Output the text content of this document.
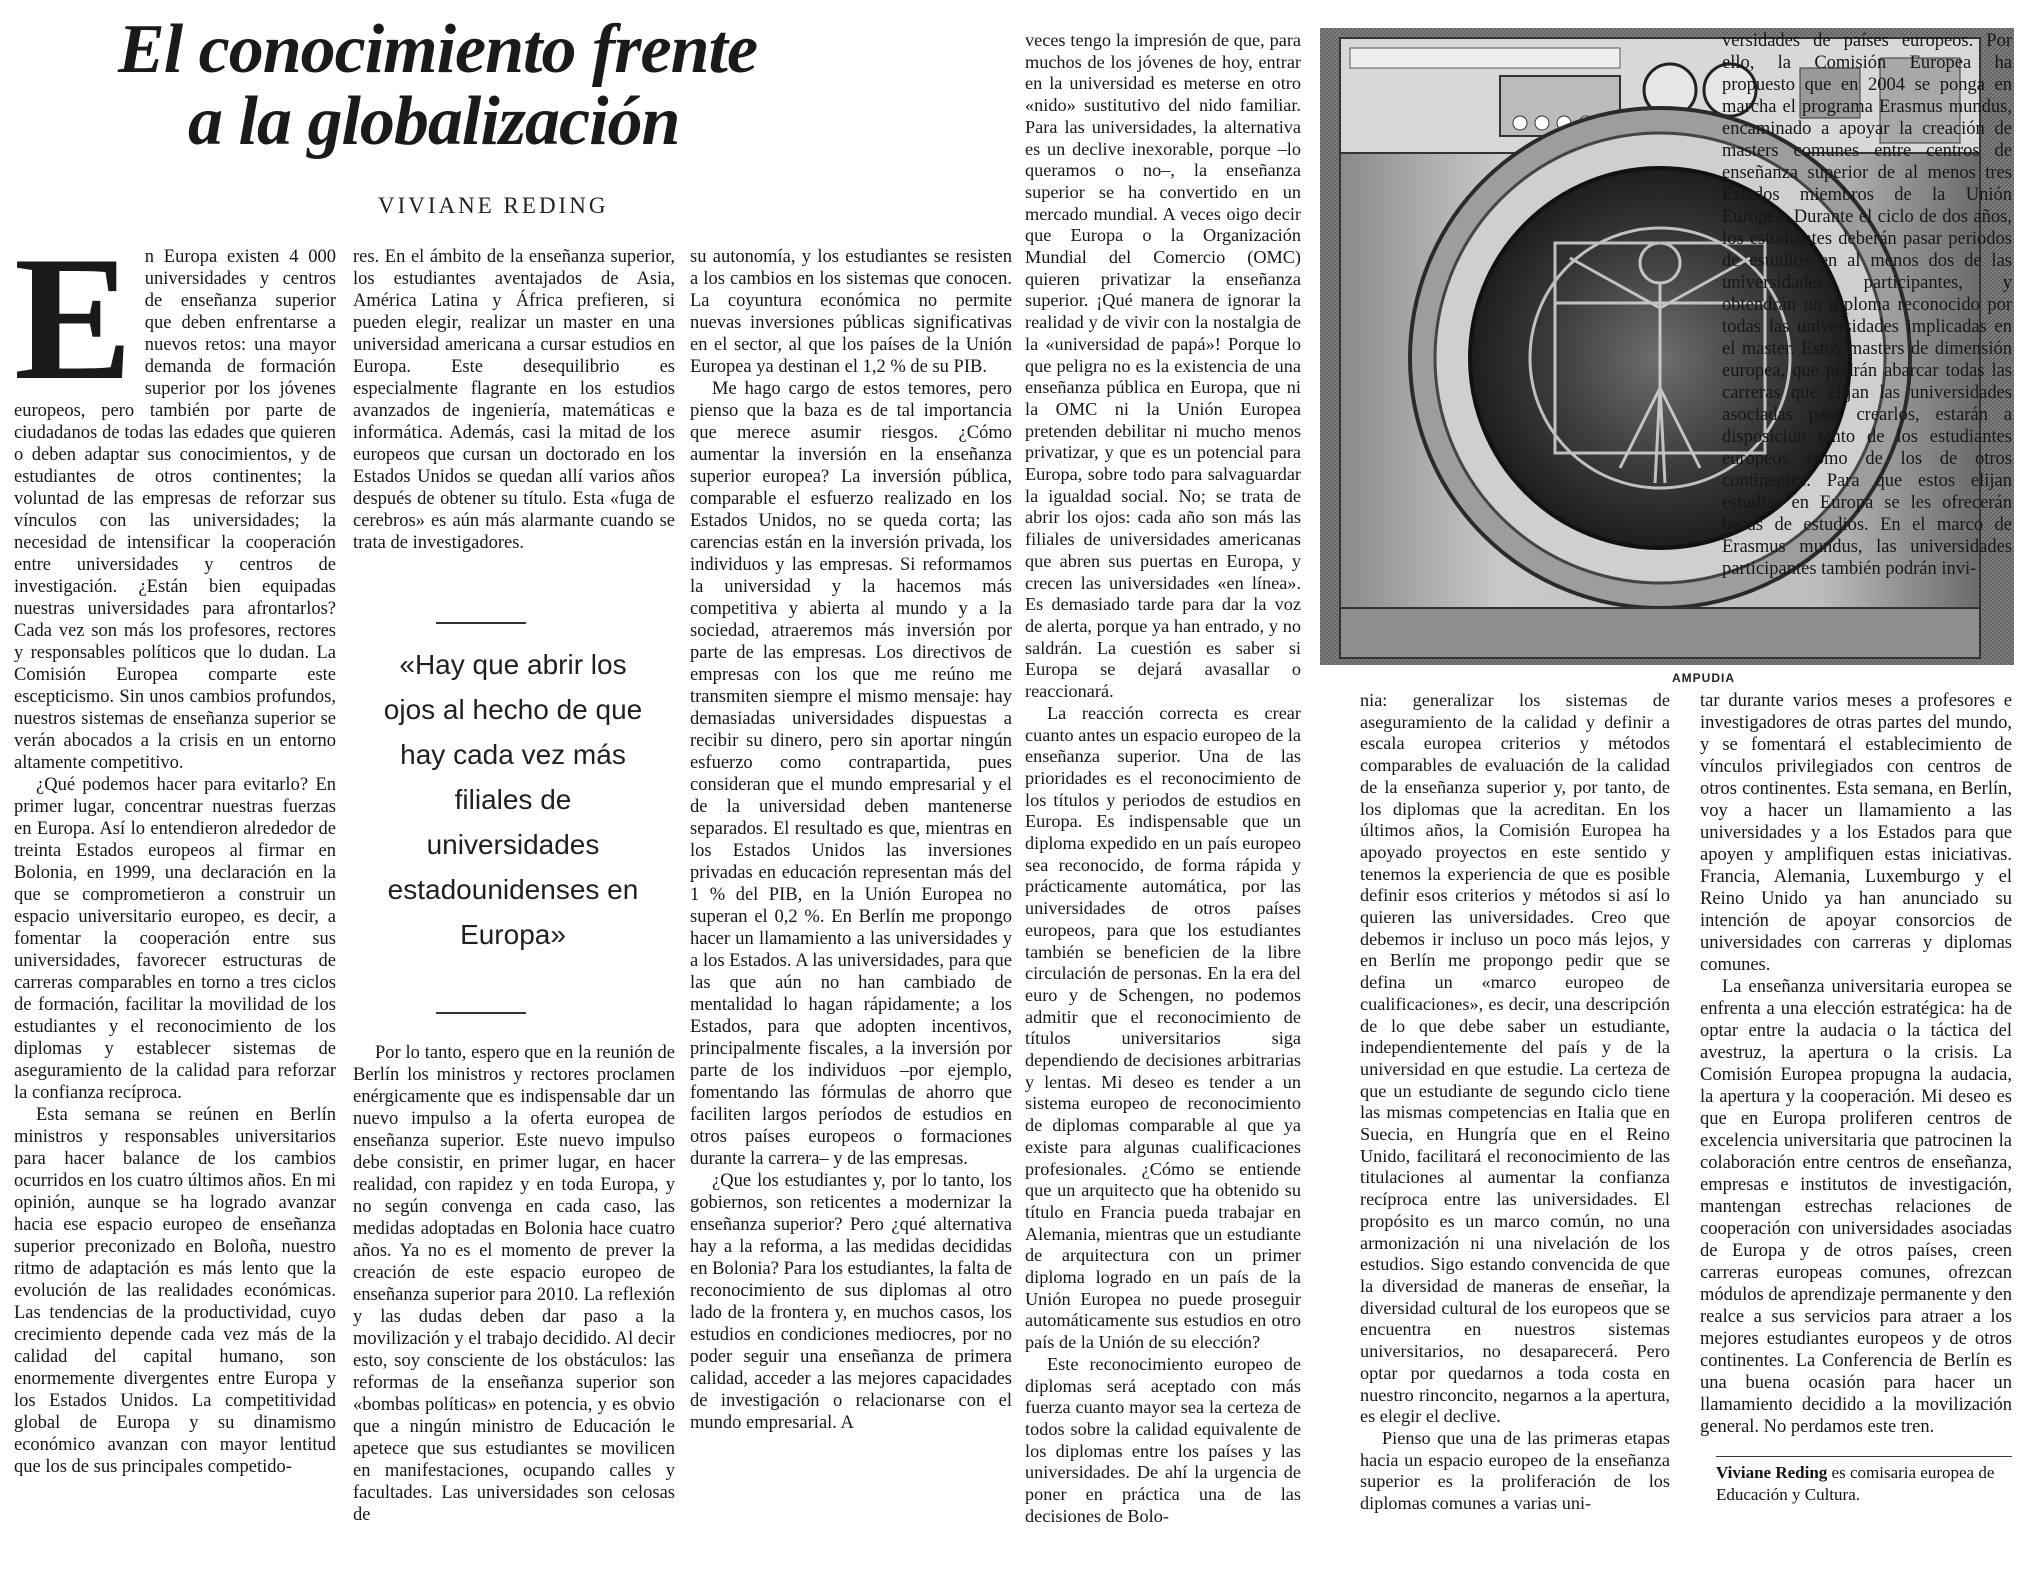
El conocimiento frente
a la globalización
VIVIANE REDING
E n Europa existen 4 000 universidades y centros de enseñanza superior que deben enfrentarse a nuevos retos: una mayor demanda de formación superior por los jóvenes europeos, pero también por parte de ciudadanos de todas las edades que quieren o deben adaptar sus conocimientos, y de estudiantes de otros continentes; la voluntad de las empresas de reforzar sus vínculos con las universidades; la necesidad de intensificar la cooperación entre universidades y centros de investigación. ¿Están bien equipadas nuestras universidades para afrontarlos? Cada vez son más los profesores, rectores y responsables políticos que lo dudan. La Comisión Europea comparte este escepticismo. Sin unos cambios profundos, nuestros sistemas de enseñanza superior se verán abocados a la crisis en un entorno altamente competitivo.

¿Qué podemos hacer para evitarlo? En primer lugar, concentrar nuestras fuerzas en Europa. Así lo entendieron alrededor de treinta Estados europeos al firmar en Bolonia, en 1999, una declaración en la que se comprometieron a construir un espacio universitario europeo, es decir, a fomentar la cooperación entre sus universidades, favorecer estructuras de carreras comparables en torno a tres ciclos de formación, facilitar la movilidad de los estudiantes y el reconocimiento de los diplomas y establecer sistemas de aseguramiento de la calidad para reforzar la confianza recíproca.

Esta semana se reúnen en Berlín ministros y responsables universitarios para hacer balance de los cambios ocurridos en los cuatro últimos años. En mi opinión, aunque se ha logrado avanzar hacia ese espacio europeo de enseñanza superior preconizado en Boloña, nuestro ritmo de adaptación es más lento que la evolución de las realidades económicas. Las tendencias de la productividad, cuyo crecimiento depende cada vez más de la calidad del capital humano, son enormemente divergentes entre Europa y los Estados Unidos. La competitividad global de Europa y su dinamismo económico avanzan con mayor lentitud que los de sus principales competido-

res. En el ámbito de la enseñanza superior, los estudiantes aventajados de Asia, América Latina y África prefieren, si pueden elegir, realizar un master en una universidad americana a cursar estudios en Europa. Este desequilibrio es especialmente flagrante en los estudios avanzados de ingeniería, matemáticas e informática. Además, casi la mitad de los europeos que cursan un doctorado en los Estados Unidos se quedan allí varios años después de obtener su título. Esta «fuga de cerebros» es aún más alarmante cuando se trata de investigadores.

«Hay que abrir los ojos al hecho de que hay cada vez más filiales de universidades estadounidenses en Europa»

Por lo tanto, espero que en la reunión de Berlín los ministros y rectores proclamen enérgicamente que es indispensable dar un nuevo impulso a la oferta europea de enseñanza superior. Este nuevo impulso debe consistir, en primer lugar, en hacer realidad, con rapidez y en toda Europa, y no según convenga en cada caso, las medidas adoptadas en Bolonia hace cuatro años. Ya no es el momento de prever la creación de este espacio europeo de enseñanza superior para 2010. La reflexión y las dudas deben dar paso a la movilización y el trabajo decidido. Al decir esto, soy consciente de los obstáculos: las reformas de la enseñanza superior son «bombas políticas» en potencia, y es obvio que a ningún ministro de Educación le apetece que sus estudiantes se movilicen en manifestaciones, ocupando calles y facultades. Las universidades son celosas de

su autonomía, y los estudiantes se resisten a los cambios en los sistemas que conocen. La coyuntura económica no permite nuevas inversiones públicas significativas en el sector, al que los países de la Unión Europea ya destinan el 1,2 % de su PIB.

Me hago cargo de estos temores, pero pienso que la baza es de tal importancia que merece asumir riesgos. ¿Cómo aumentar la inversión en la enseñanza superior europea? La inversión pública, comparable el esfuerzo realizado en los Estados Unidos, no se queda corta; las carencias están en la inversión privada, los individuos y las empresas. Si reformamos la universidad y la hacemos más competitiva y abierta al mundo y a la sociedad, atraeremos más inversión por parte de las empresas. Los directivos de empresas con los que me reúno me transmiten siempre el mismo mensaje: hay demasiadas universidades dispuestas a recibir su dinero, pero sin aportar ningún esfuerzo como contrapartida, pues consideran que el mundo empresarial y el de la universidad deben mantenerse separados. El resultado es que, mientras en los Estados Unidos las inversiones privadas en educación representan más del 1 % del PIB, en la Unión Europea no superan el 0,2 %. En Berlín me propongo hacer un llamamiento a las universidades y a los Estados. A las universidades, para que las que aún no han cambiado de mentalidad lo hagan rápidamente; a los Estados, para que adopten incentivos, principalmente fiscales, a la inversión por parte de los individuos –por ejemplo, fomentando las fórmulas de ahorro que faciliten largos períodos de estudios en otros países europeos o formaciones durante la carrera– y de las empresas.

¿Que los estudiantes y, por lo tanto, los gobiernos, son reticentes a modernizar la enseñanza superior? Pero ¿qué alternativa hay a la reforma, a las medidas decididas en Bolonia? Para los estudiantes, la falta de reconocimiento de sus diplomas al otro lado de la frontera y, en muchos casos, los estudios en condiciones mediocres, por no poder seguir una enseñanza de primera calidad, acceder a las mejores capacidades de investigación o relacionarse con el mundo empresarial. A

veces tengo la impresión de que, para muchos de los jóvenes de hoy, entrar en la universidad es meterse en otro «nido» sustitutivo del nido familiar. Para las universidades, la alternativa es un declive inexorable, porque –lo queramos o no–, la enseñanza superior se ha convertido en un mercado mundial. A veces oigo decir que Europa o la Organización Mundial del Comercio (OMC) quieren privatizar la enseñanza superior. ¡Qué manera de ignorar la realidad y de vivir con la nostalgia de la «universidad de papá»! Porque lo que peligra no es la existencia de una enseñanza pública en Europa, que ni la OMC ni la Unión Europea pretenden debilitar ni mucho menos privatizar, y que es un potencial para Europa, sobre todo para salvaguardar la igualdad social. No; se trata de abrir los ojos: cada año son más las filiales de universidades americanas que abren sus puertas en Europa, y crecen las universidades «en línea». Es demasiado tarde para dar la voz de alerta, porque ya han entrado, y no saldrán. La cuestión es saber si Europa se dejará avasallar o reaccionará.

La reacción correcta es crear cuanto antes un espacio europeo de la enseñanza superior. Una de las prioridades es el reconocimiento de los títulos y periodos de estudios en Europa. Es indispensable que un diploma expedido en un país europeo sea reconocido, de forma rápida y prácticamente automática, por las universidades de otros países europeos, para que los estudiantes también se beneficien de la libre circulación de personas. En la era del euro y de Schengen, no podemos admitir que el reconocimiento de títulos universitarios siga dependiendo de decisiones arbitrarias y lentas. Mi deseo es tender a un sistema europeo de reconocimiento de diplomas comparable al que ya existe para algunas cualificaciones profesionales. ¿Cómo se entiende que un arquitecto que ha obtenido su título en Francia pueda trabajar en Alemania, mientras que un estudiante de arquitectura con un primer diploma logrado en un país de la Unión Europea no puede proseguir automáticamente sus estudios en otro país de la Unión de su elección?

Este reconocimiento europeo de diplomas será aceptado con más fuerza cuanto mayor sea la certeza de todos sobre la calidad equivalente de los diplomas entre los países y las universidades. De ahí la urgencia de poner en práctica una de las decisiones de Bolo-

AMPUDIA

nia: generalizar los sistemas de aseguramiento de la calidad y definir a escala europea criterios y métodos comparables de evaluación de la calidad de la enseñanza superior y, por tanto, de los diplomas que la acreditan. En los últimos años, la Comisión Europea ha apoyado proyectos en este sentido y tenemos la experiencia de que es posible definir esos criterios y métodos si así lo quieren las universidades. Creo que debemos ir incluso un poco más lejos, y en Berlín me propongo pedir que se defina un «marco europeo de cualificaciones», es decir, una descripción de lo que debe saber un estudiante, independientemente del país y de la universidad en que estudie. La certeza de que un estudiante de segundo ciclo tiene las mismas competencias en Italia que en Suecia, en Hungría que en el Reino Unido, facilitará el reconocimiento de las titulaciones al aumentar la confianza recíproca entre las universidades. El propósito es un marco común, no una armonización ni una nivelación de los estudios. Sigo estando convencida de que la diversidad de maneras de enseñar, la diversidad cultural de los europeos que se encuentra en nuestros sistemas universitarios, no desaparecerá. Pero optar por quedarnos a toda costa en nuestro rinconcito, negarnos a la apertura, es elegir el declive.

Pienso que una de las primeras etapas hacia un espacio europeo de la enseñanza superior es la proliferación de los diplomas comunes a varias uni-

versidades de países europeos. Por ello, la Comisión Europea ha propuesto que en 2004 se ponga en marcha el programa Erasmus mundus, encaminado a apoyar la creación de masters comunes entre centros de enseñanza superior de al menos tres Estados miembros de la Unión Europea. Durante el ciclo de dos años, los estudiantes deberán pasar periodos de estudios en al menos dos de las universidades participantes, y obtendrán un diploma reconocido por todas las universidades implicadas en el master. Estos masters de dimensión europea, que podrán abarcar todas las carreras que elijan las universidades asociadas para crearlos, estarán a disposición tanto de los estudiantes europeos como de los de otros continentes. Para que estos elijan estudiar en Europa se les ofrecerán becas de estudios. En el marco de Erasmus mundus, las universidades participantes también podrán invi-

tar durante varios meses a profesores e investigadores de otras partes del mundo, y se fomentará el establecimiento de vínculos privilegiados con centros de otros continentes. Esta semana, en Berlín, voy a hacer un llamamiento a las universidades y a los Estados para que apoyen y amplifiquen estas iniciativas. Francia, Alemania, Luxemburgo y el Reino Unido ya han anunciado su intención de apoyar consorcios de universidades con carreras y diplomas comunes.

La enseñanza universitaria europea se enfrenta a una elección estratégica: ha de optar entre la audacia o la táctica del avestruz, la apertura o la crisis. La Comisión Europea propugna la audacia, la apertura y la cooperación. Mi deseo es que en Europa proliferen centros de excelencia universitaria que patrocinen la colaboración entre centros de enseñanza, empresas e institutos de investigación, mantengan estrechas relaciones de cooperación con universidades asociadas de Europa y de otros países, creen carreras europeas comunes, ofrezcan módulos de aprendizaje permanente y den realce a sus servicios para atraer a los mejores estudiantes europeos y de otros continentes. La Conferencia de Berlín es una buena ocasión para hacer un llamamiento decidido a la movilización general. No perdamos este tren.

Viviane Reding es comisaria europea de Educación y Cultura.
